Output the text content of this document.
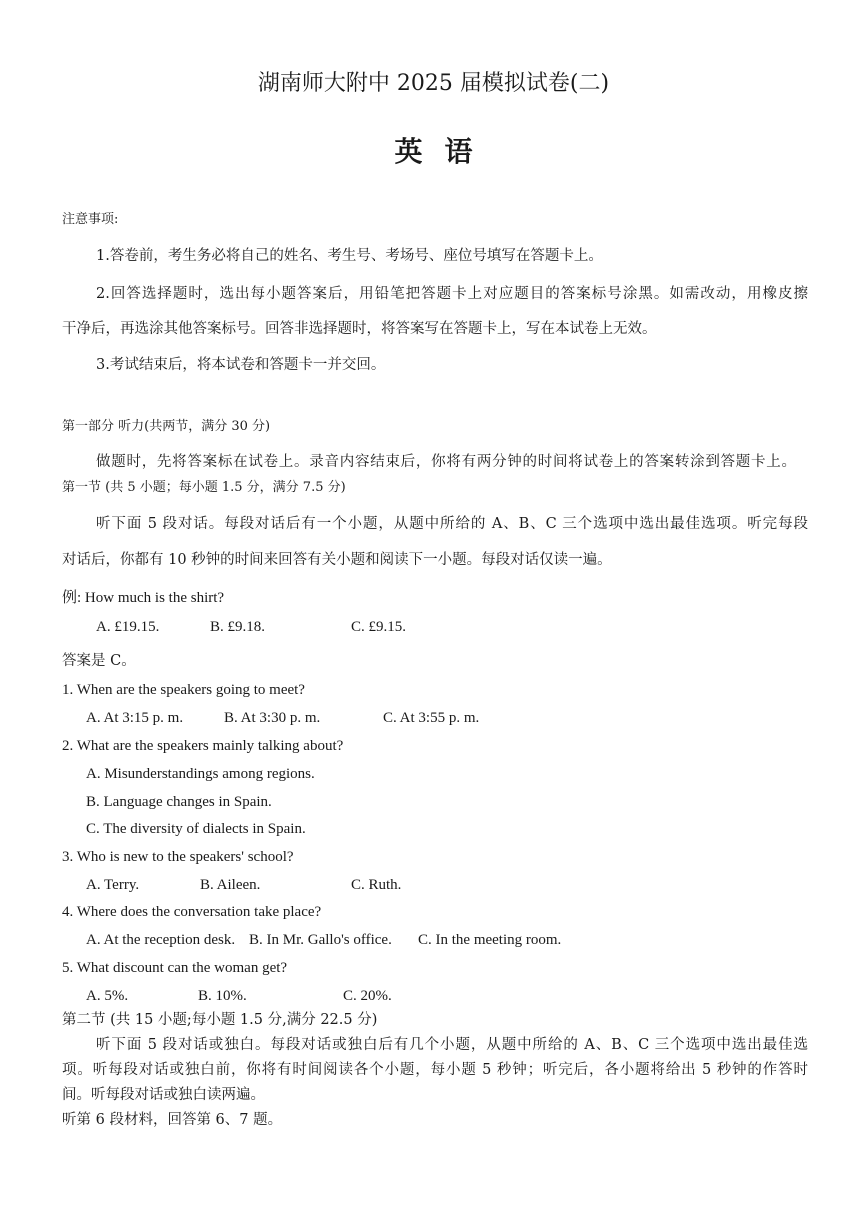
湖南师大附中 2025 届模拟试卷(二)
英语
注意事项:
1.答卷前，考生务必将自己的姓名、考生号、考场号、座位号填写在答题卡上。
2.回答选择题时，选出每小题答案后，用铅笔把答题卡上对应题目的答案标号涂黑。如需改动，用橡皮擦
干净后，再选涂其他答案标号。回答非选择题时，将答案写在答题卡上，写在本试卷上无效。
3.考试结束后，将本试卷和答题卡一并交回。
第一部分 听力(共两节，满分 30 分)
做题时，先将答案标在试卷上。录音内容结束后，你将有两分钟的时间将试卷上的答案转涂到答题卡上。
第一节 (共 5 小题；每小题 1.5 分，满分 7.5 分)
听下面 5 段对话。每段对话后有一个小题，从题中所给的 A、B、C 三个选项中选出最佳选项。听完每段
对话后，你都有 10 秒钟的时间来回答有关小题和阅读下一小题。每段对话仅读一遍。
例: How much is the shirt?
A. £19.15.	B. £9.18.	C. £9.15.
答案是 C。
1. When are the speakers going to meet?
A. At 3:15 p. m.	B. At 3:30 p. m.	C. At 3:55 p. m.
2. What are the speakers mainly talking about?
A. Misunderstandings among regions.
B. Language changes in Spain.
C. The diversity of dialects in Spain.
3. Who is new to the speakers' school?
A. Terry.	B. Aileen.	C. Ruth.
4. Where does the conversation take place?
A. At the reception desk. B. In Mr. Gallo's office. C. In the meeting room.
5. What discount can the woman get?
A. 5%.	B. 10%.	C. 20%.
第二节 (共 15 小题;每小题 1.5 分,满分 22.5 分)
听下面 5 段对话或独白。每段对话或独白后有几个小题，从题中所给的 A、B、C 三个选项中选出最佳选
项。听每段对话或独白前，你将有时间阅读各个小题，每小题 5 秒钟；听完后，各小题将给出 5 秒钟的作答时
间。听每段对话或独白读两遍。
听第 6 段材料，回答第 6、7 题。
